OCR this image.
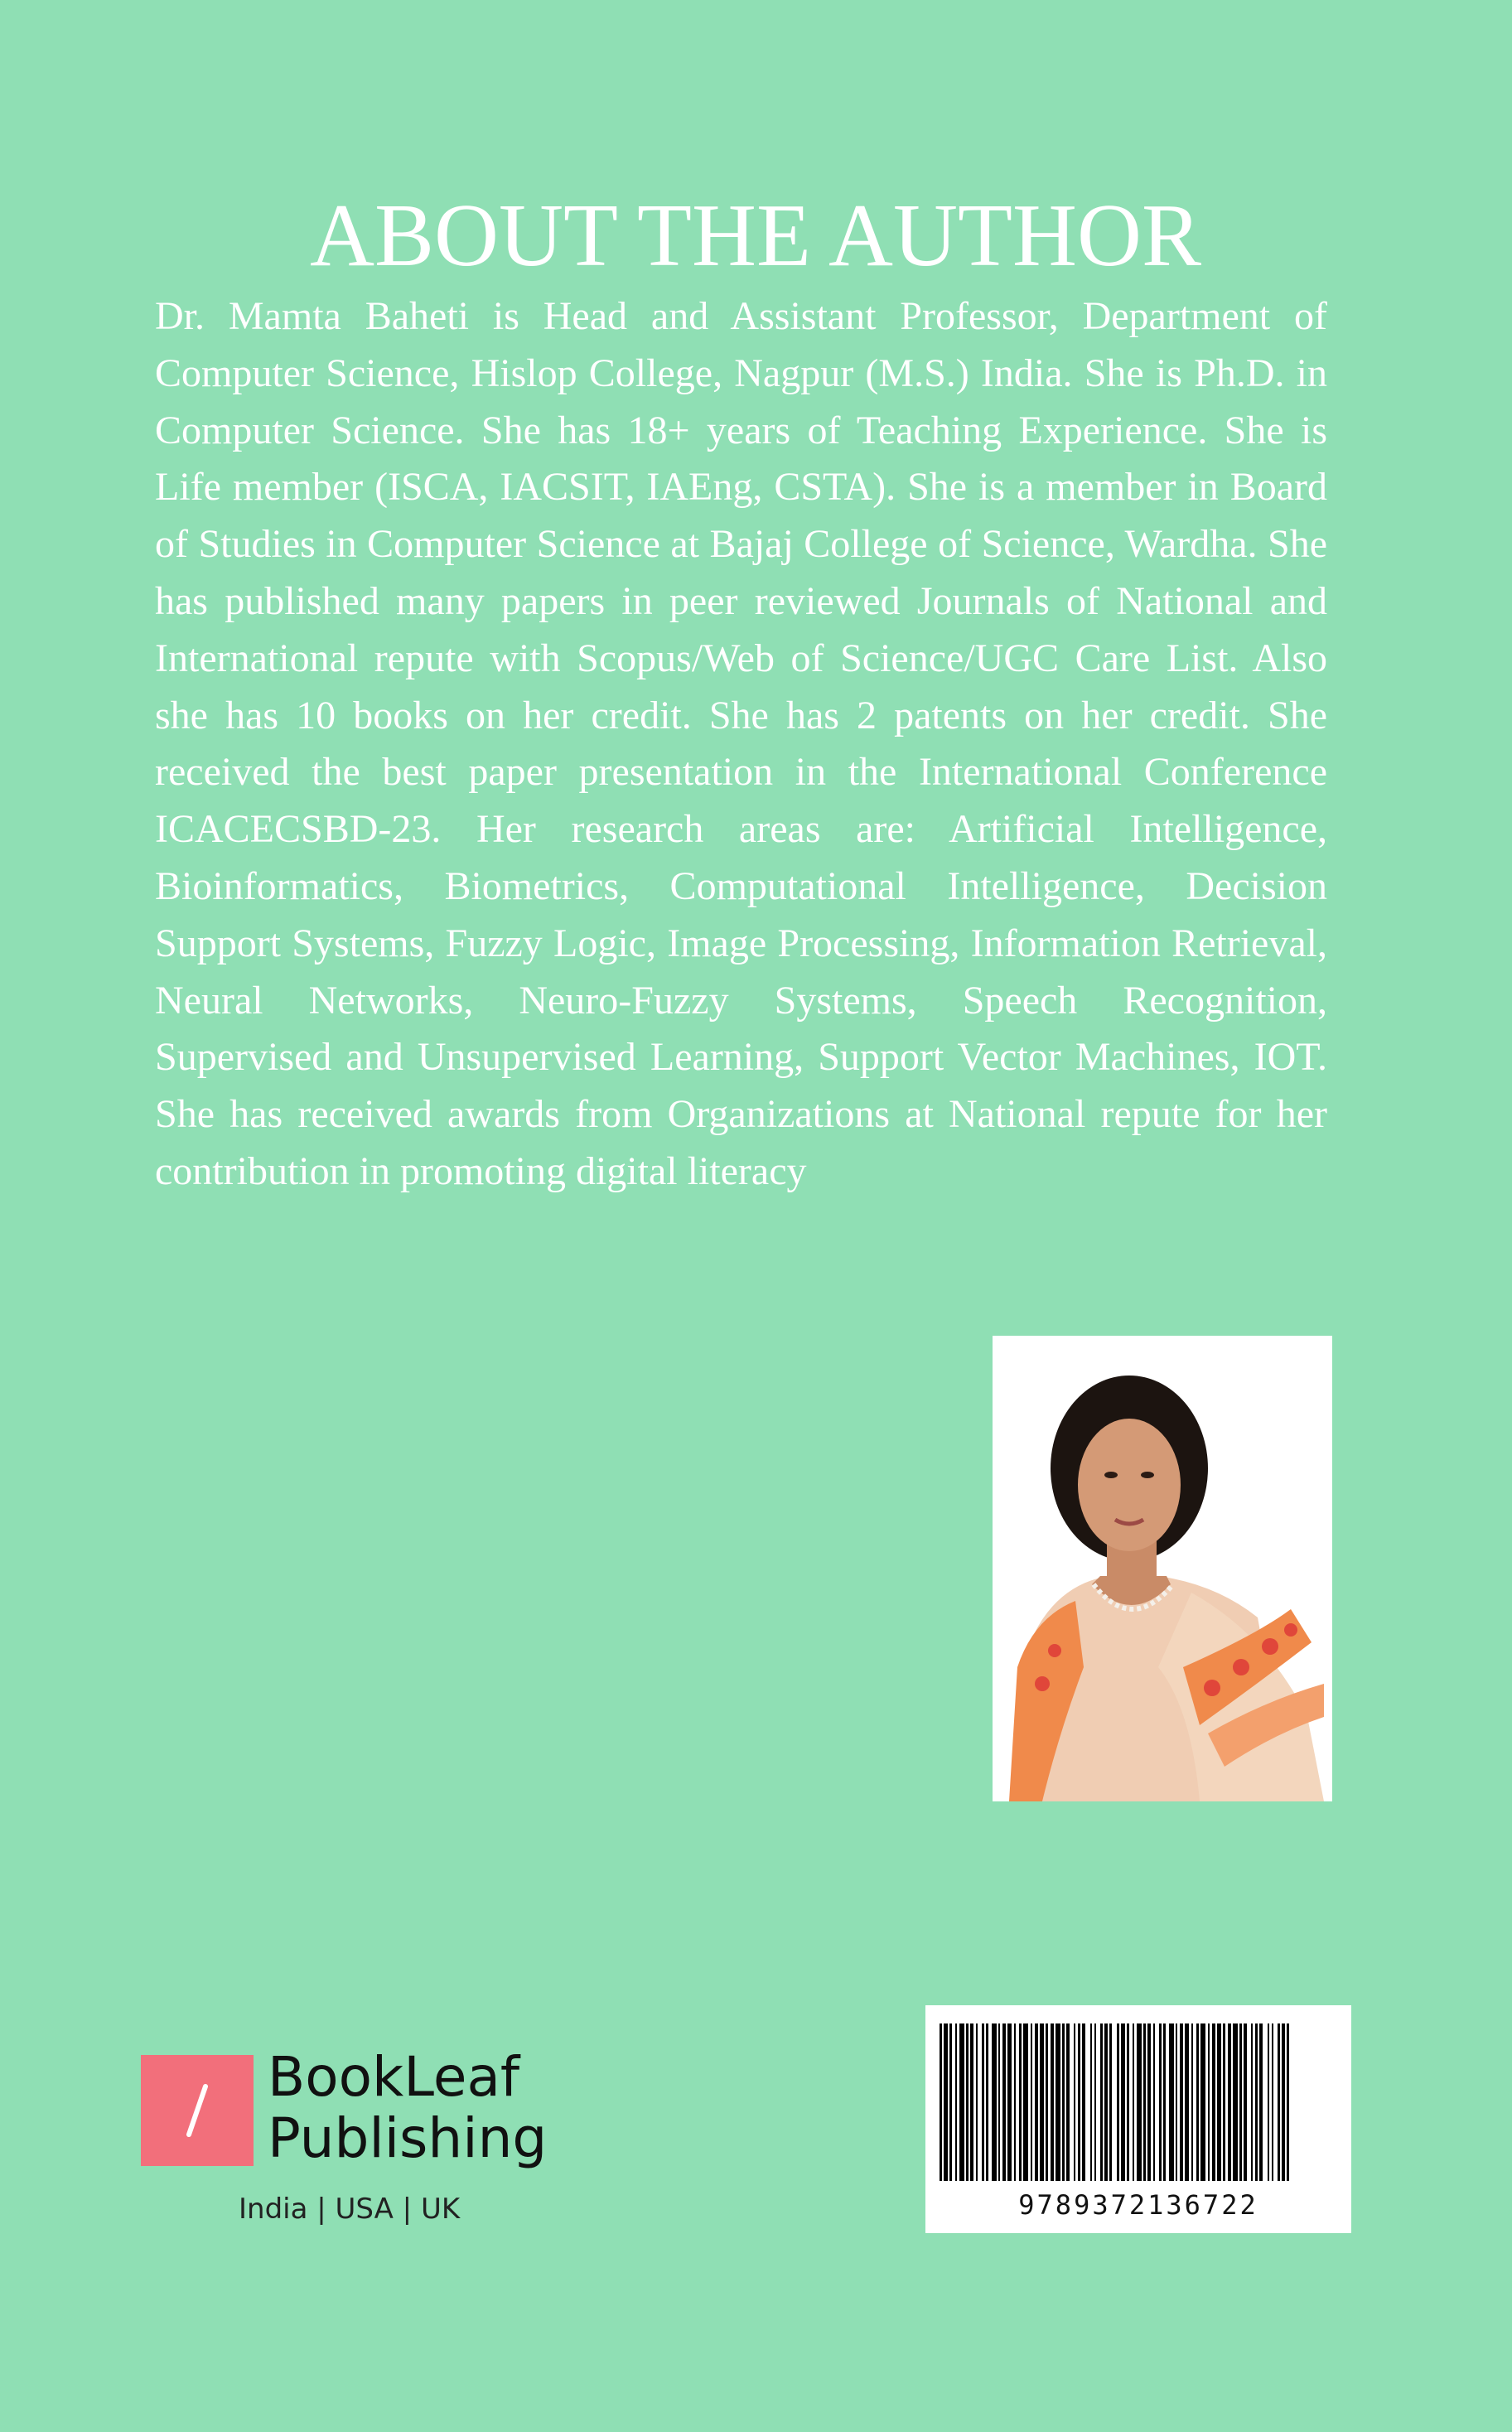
ABOUT THE AUTHOR

Dr. Mamta Baheti is Head and Assistant Professor, Department of Computer Science, Hislop College, Nagpur (M.S.) India. She is Ph.D. in Computer Science. She has 18+ years of Teaching Experience. She is Life member (ISCA, IACSIT, IAEng, CSTA). She is a member in Board of Studies in Computer Science at Bajaj College of Science, Wardha. She has published many papers in peer reviewed Journals of National and International repute with Scopus/Web of Science/UGC Care List. Also she has 10 books on her credit. She has 2 patents on her credit. She received the best paper presentation in the International Conference ICACECSBD-23. Her research areas are: Artificial Intelligence, Bioinformatics, Biometrics, Computational Intelligence, Decision Support Systems, Fuzzy Logic, Image Processing, Information Retrieval, Neural Networks, Neuro-Fuzzy Systems, Speech Recognition, Supervised and Unsupervised Learning, Support Vector Machines, IOT. She has received awards from Organizations at National repute for her contribution in promoting digital literacy

BookLeaf
Publishing
India | USA | UK	9789372136722
